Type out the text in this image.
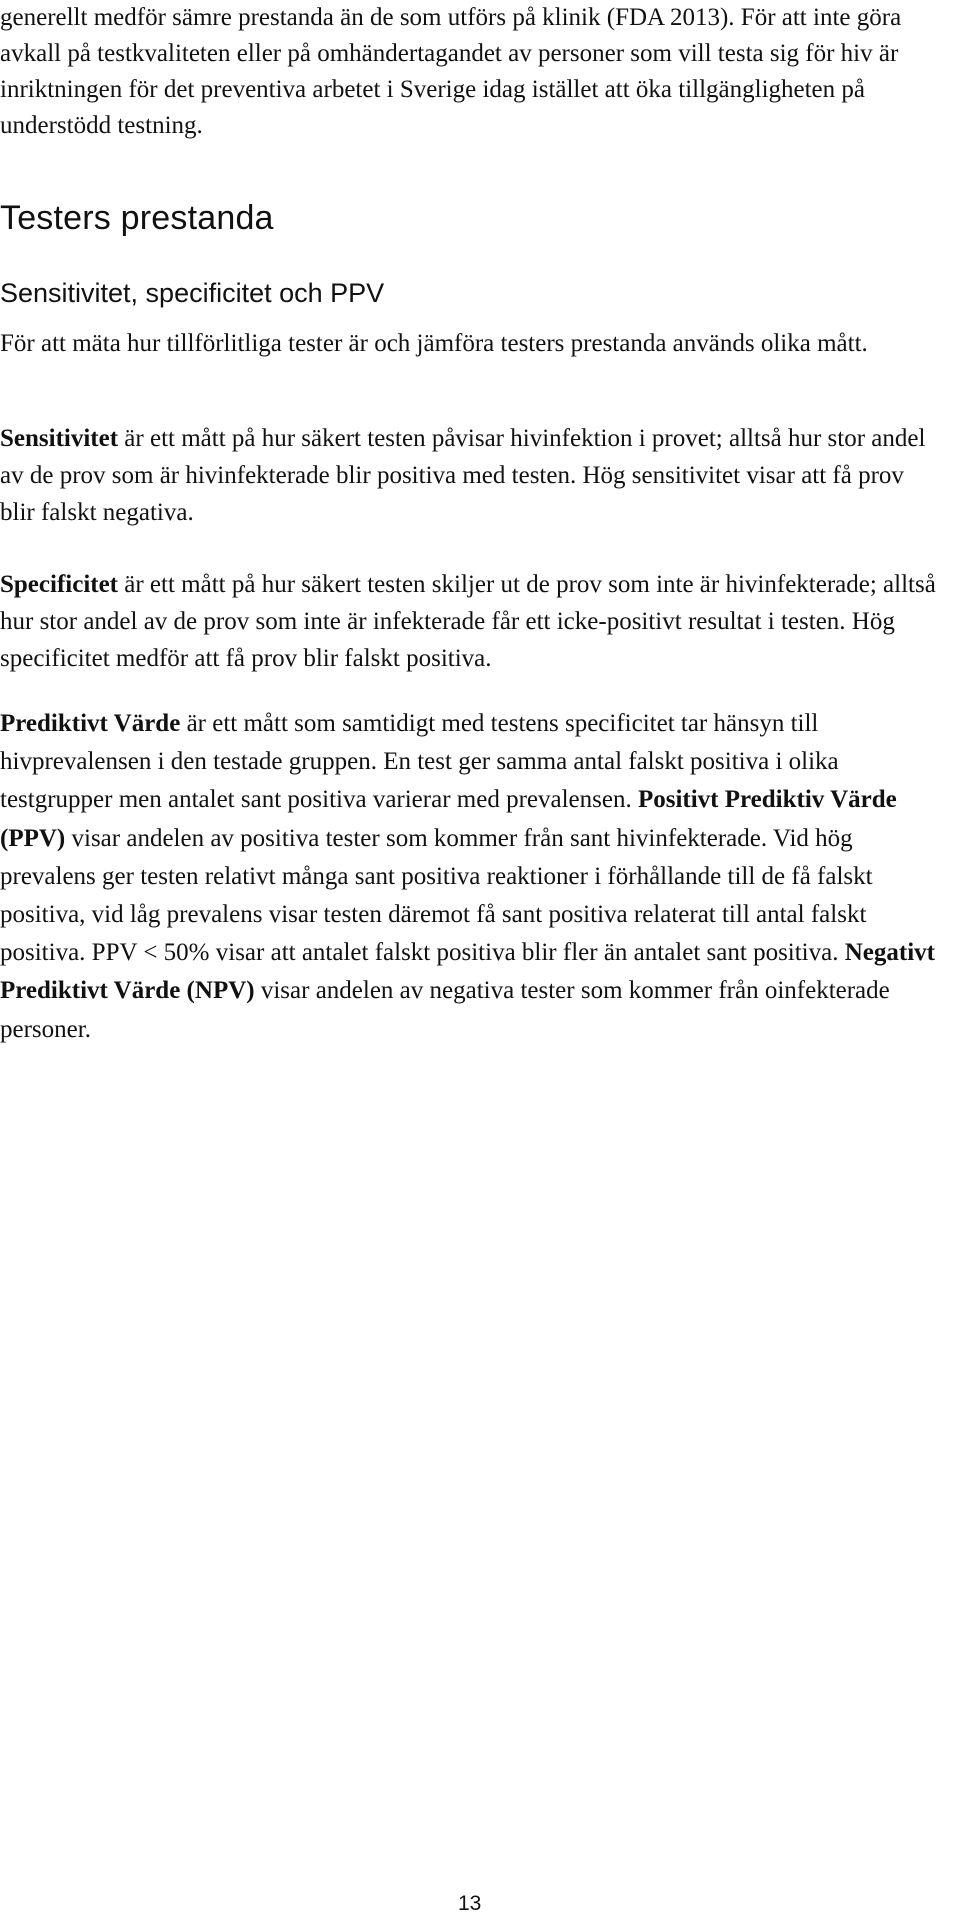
generellt medför sämre prestanda än de som utförs på klinik (FDA 2013). För att inte göra avkall på testkvaliteten eller på omhändertagandet av personer som vill testa sig för hiv är inriktningen för det preventiva arbetet i Sverige idag istället att öka tillgängligheten på understödd testning.

Testers prestanda
Sensitivitet, specificitet och PPV

För att mäta hur tillförlitliga tester är och jämföra testers prestanda används olika mått.

Sensitivitet är ett mått på hur säkert testen påvisar hivinfektion i provet; alltså hur stor andel av de prov som är hivinfekterade blir positiva med testen. Hög sensitivitet visar att få prov blir falskt negativa.

Specificitet är ett mått på hur säkert testen skiljer ut de prov som inte är hivinfekterade; alltså hur stor andel av de prov som inte är infekterade får ett icke-positivt resultat i testen. Hög specificitet medför att få prov blir falskt positiva.

Prediktivt Värde är ett mått som samtidigt med testens specificitet tar hänsyn till hivprevalensen i den testade gruppen. En test ger samma antal falskt positiva i olika testgrupper men antalet sant positiva varierar med prevalensen. Positivt Prediktiv Värde (PPV) visar andelen av positiva tester som kommer från sant hivinfekterade. Vid hög prevalens ger testen relativt många sant positiva reaktioner i förhållande till de få falskt positiva, vid låg prevalens visar testen däremot få sant positiva relaterat till antal falskt positiva. PPV < 50% visar att antalet falskt positiva blir fler än antalet sant positiva. Negativt Prediktivt Värde (NPV) visar andelen av negativa tester som kommer från oinfekterade personer.

13
